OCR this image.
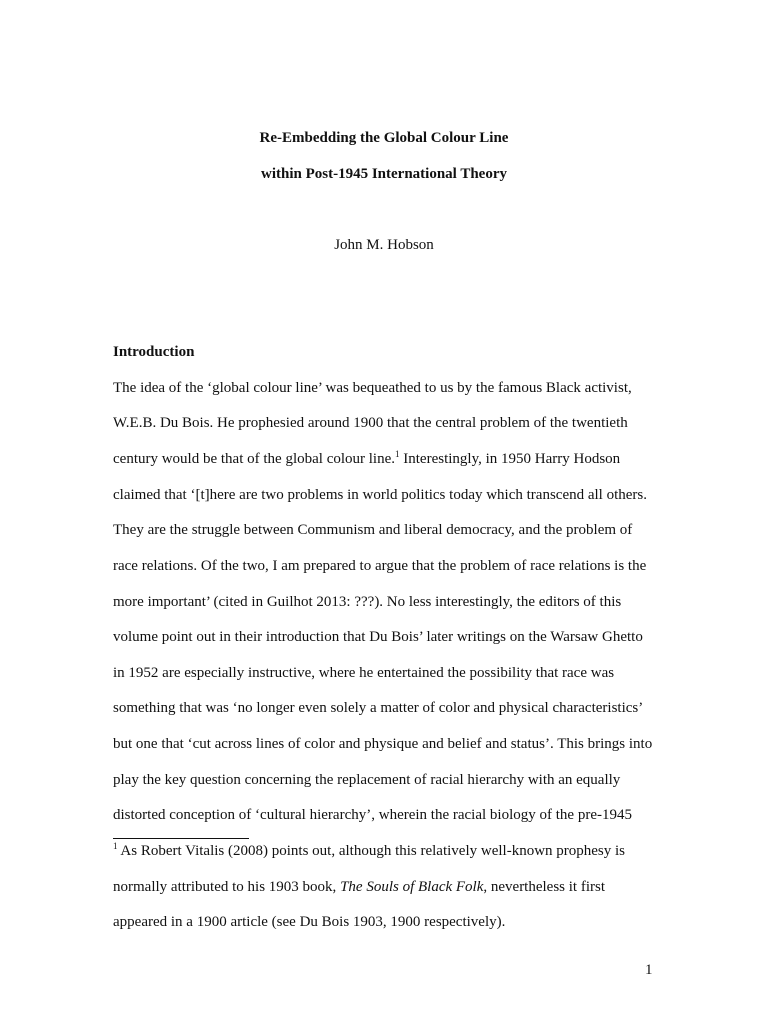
Re-Embedding the Global Colour Line

within Post-1945 International Theory

John M. Hobson

Introduction

The idea of the ‘global colour line’ was bequeathed to us by the famous Black activist,

W.E.B. Du Bois. He prophesied around 1900 that the central problem of the twentieth

century would be that of the global colour line.$^1$ Interestingly, in 1950 Harry Hodson

claimed that ‘[t]here are two problems in world politics today which transcend all others.

They are the struggle between Communism and liberal democracy, and the problem of

race relations. Of the two, I am prepared to argue that the problem of race relations is the

more important’ (cited in Guilhot 2013: ???). No less interestingly, the editors of this

volume point out in their introduction that Du Bois’ later writings on the Warsaw Ghetto

in 1952 are especially instructive, where he entertained the possibility that race was

something that was ‘no longer even solely a matter of color and physical characteristics’

but one that ‘cut across lines of color and physique and belief and status’. This brings into

play the key question concerning the replacement of racial hierarchy with an equally

distorted conception of ‘cultural hierarchy’, wherein the racial biology of the pre-1945

$^1$ As Robert Vitalis (2008) points out, although this relatively well-known prophesy is

normally attributed to his 1903 book, The Souls of Black Folk, nevertheless it first

appeared in a 1900 article (see Du Bois 1903, 1900 respectively).

1
